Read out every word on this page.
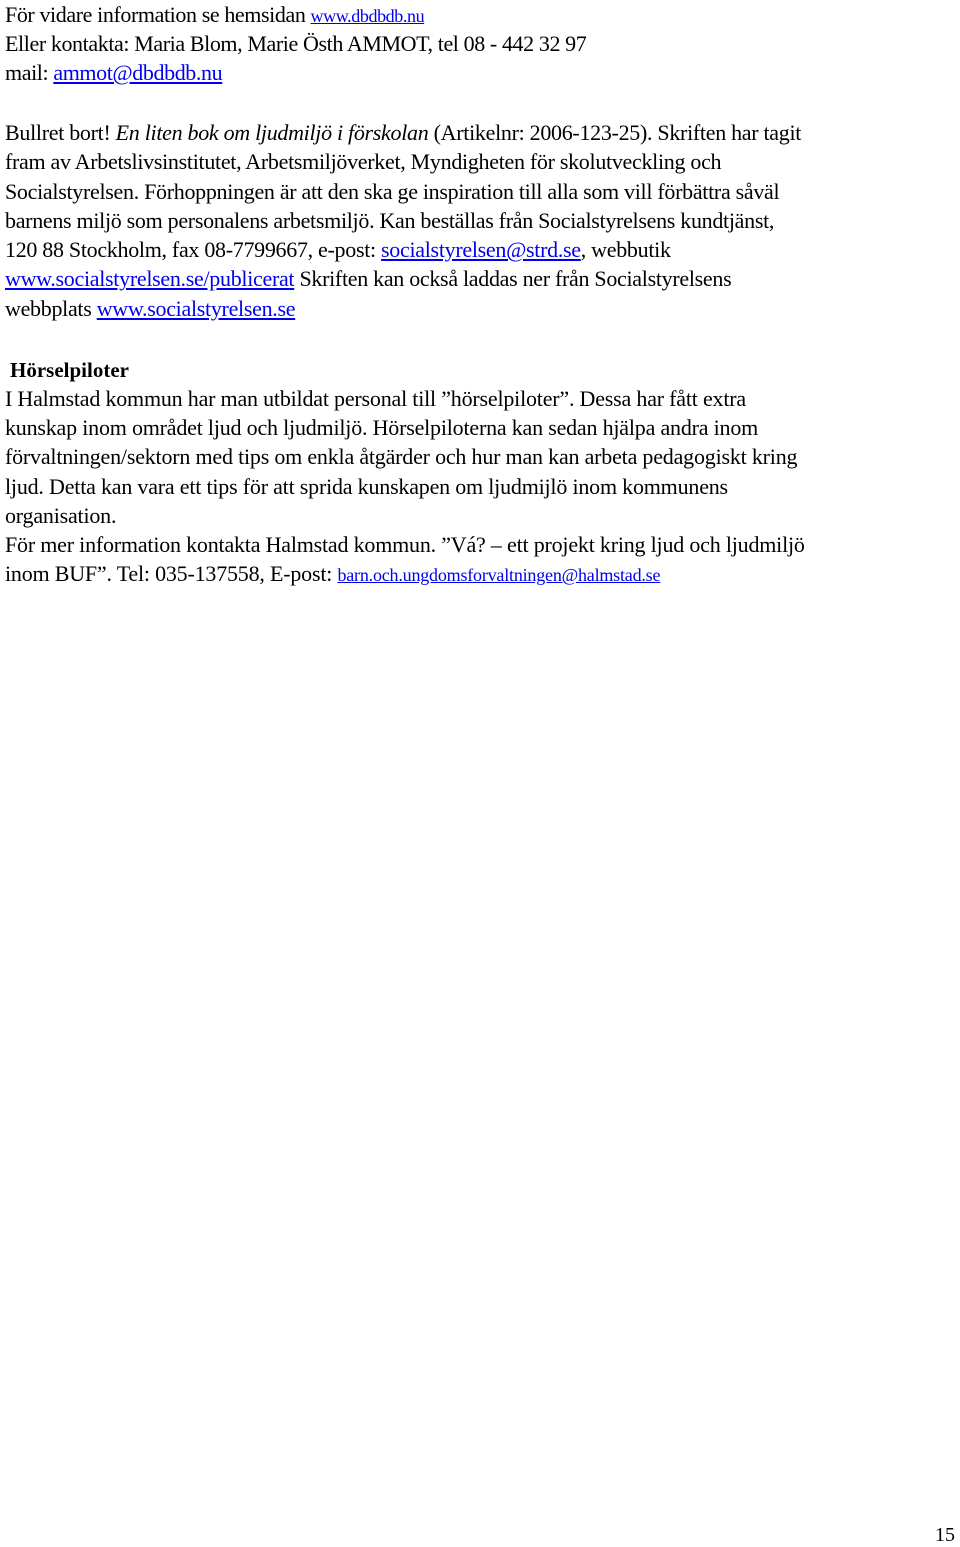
För vidare information se hemsidan www.dbdbdb.nu
Eller kontakta: Maria Blom, Marie Östh AMMOT, tel 08 - 442 32 97
mail: ammot@dbdbdb.nu
Bullret bort! En liten bok om ljudmiljö i förskolan (Artikelnr: 2006-123-25). Skriften har tagit
fram av Arbetslivsinstitutet, Arbetsmiljöverket, Myndigheten för skolutveckling och
Socialstyrelsen. Förhoppningen är att den ska ge inspiration till alla som vill förbättra såväl
barnens miljö som personalens arbetsmiljö. Kan beställas från Socialstyrelsens kundtjänst,
120 88 Stockholm, fax 08-7799667, e-post: socialstyrelsen@strd.se, webbutik
www.socialstyrelsen.se/publicerat Skriften kan också laddas ner från Socialstyrelsens
webbplats www.socialstyrelsen.se
Hörselpiloter
I Halmstad kommun har man utbildat personal till ”hörselpiloter”. Dessa har fått extra
kunskap inom området ljud och ljudmiljö. Hörselpiloterna kan sedan hjälpa andra inom
förvaltningen/sektorn med tips om enkla åtgärder och hur man kan arbeta pedagogiskt kring
ljud. Detta kan vara ett tips för att sprida kunskapen om ljudmijlö inom kommunens
organisation.
För mer information kontakta Halmstad kommun. ”Vá? – ett projekt kring ljud och ljudmiljö
inom BUF”. Tel: 035-137558, E-post: barn.och.ungdomsforvaltningen@halmstad.se
15
